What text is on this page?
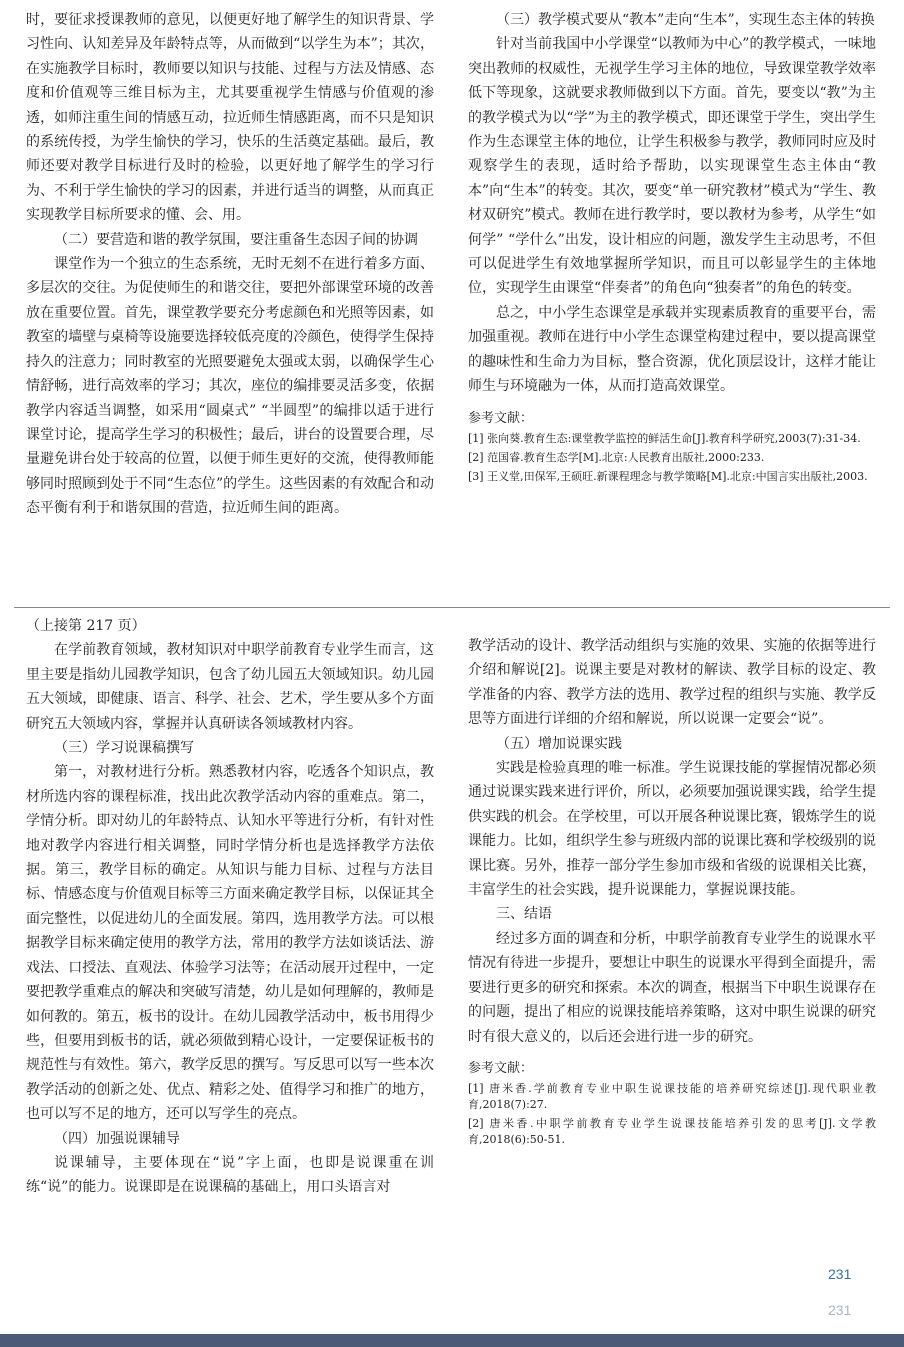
时，要征求授课教师的意见，以便更好地了解学生的知识背景、学习性向、认知差异及年龄特点等，从而做到“以学生为本”；其次，在实施教学目标时，教师要以知识与技能、过程与方法及情感、态度和价值观等三维目标为主，尤其要重视学生情感与价值观的渗透，如师注重生间的情感互动，拉近师生情感距离，而不只是知识的系统传授，为学生愉快的学习，快乐的生活奠定基础。最后，教师还要对教学目标进行及时的检验，以更好地了解学生的学习行为、不利于学生愉快的学习的因素，并进行适当的调整，从而真正实现教学目标所要求的懂、会、用。

（二）要营造和谐的教学氛围，要注重备生态因子间的协调

课堂作为一个独立的生态系统，无时无刻不在进行着多方面、多层次的交往。为促使师生的和谐交往，要把外部课堂环境的改善放在重要位置。首先，课堂教学要充分考虑颜色和光照等因素，如教室的墙壁与桌椅等设施要选择较低亮度的冷颜色，使得学生保持持久的注意力；同时教室的光照要避免太强或太弱，以确保学生心情舒畅，进行高效率的学习；其次，座位的编排要灵活多变，依据教学内容适当调整，如采用“圆桌式” “半圆型”的编排以适于进行课堂讨论，提高学生学习的积极性；最后，讲台的设置要合理，尽量避免讲台处于较高的位置，以便于师生更好的交流，使得教师能够同时照顾到处于不同“生态位”的学生。这些因素的有效配合和动态平衡有利于和谐氛围的营造，拉近师生间的距离。

（三）教学模式要从“教本”走向“生本”，实现生态主体的转换

针对当前我国中小学课堂“以教师为中心”的教学模式，一味地突出教师的权威性，无视学生学习主体的地位，导致课堂教学效率低下等现象，这就要求教师做到以下方面。首先，要变以“教”为主的教学模式为以“学”为主的教学模式，即还课堂于学生，突出学生作为生态课堂主体的地位，让学生积极参与教学，教师同时应及时观察学生的表现，适时给予帮助，以实现课堂生态主体由“教本”向“生本”的转变。其次，要变“单一研究教材”模式为“学生、教材双研究”模式。教师在进行教学时，要以教材为参考，从学生“如何学” “学什么”出发，设计相应的问题，激发学生主动思考，不但可以促进学生有效地掌握所学知识，而且可以彰显学生的主体地位，实现学生由课堂“伴奏者”的角色向“独奏者”的角色的转变。

总之，中小学生态课堂是承载并实现素质教育的重要平台，需加强重视。教师在进行中小学生态课堂构建过程中，要以提高课堂的趣味性和生命力为目标，整合资源，优化顶层设计，这样才能让师生与环境融为一体，从而打造高效课堂。

参考文献：

[1] 张向葵.教育生态:课堂教学监控的鲜活生命[J].教育科学研究,2003(7):31-34.

[2] 范国睿.教育生态学[M].北京:人民教育出版社,2000:233.

[3] 王义堂,田保军,王硕旺.新课程理念与教学策略[M].北京:中国言实出版社,2003.

（上接第 217 页）

在学前教育领域，教材知识对中职学前教育专业学生而言，这里主要是指幼儿园教学知识，包含了幼儿园五大领域知识。幼儿园五大领域，即健康、语言、科学、社会、艺术，学生要从多个方面研究五大领域内容，掌握并认真研读各领域教材内容。

（三）学习说课稿撰写

第一，对教材进行分析。熟悉教材内容，吃透各个知识点，教材所选内容的课程标准，找出此次教学活动内容的重难点。第二，学情分析。即对幼儿的年龄特点、认知水平等进行分析，有针对性地对教学内容进行相关调整，同时学情分析也是选择教学方法依据。第三，教学目标的确定。从知识与能力目标、过程与方法目标、情感态度与价值观目标等三方面来确定教学目标，以保证其全面完整性，以促进幼儿的全面发展。第四，选用教学方法。可以根据教学目标来确定使用的教学方法，常用的教学方法如谈话法、游戏法、口授法、直观法、体验学习法等；在活动展开过程中，一定要把教学重难点的解决和突破写清楚，幼儿是如何理解的，教师是如何教的。第五，板书的设计。在幼儿园教学活动中，板书用得少些，但要用到板书的话，就必须做到精心设计，一定要保证板书的规范性与有效性。第六，教学反思的撰写。写反思可以写一些本次教学活动的创新之处、优点、精彩之处、值得学习和推广的地方，也可以写不足的地方，还可以写学生的亮点。

（四）加强说课辅导

说课辅导，主要体现在“说”字上面，也即是说课重在训练“说”的能力。说课即是在说课稿的基础上，用口头语言对

教学活动的设计、教学活动组织与实施的效果、实施的依据等进行介绍和解说[2]。说课主要是对教材的解读、教学目标的设定、教学准备的内容、教学方法的选用、教学过程的组织与实施、教学反思等方面进行详细的介绍和解说，所以说课一定要会“说”。

（五）增加说课实践

实践是检验真理的唯一标准。学生说课技能的掌握情况都必须通过说课实践来进行评价，所以，必须要加强说课实践，给学生提供实践的机会。在学校里，可以开展各种说课比赛，锻炼学生的说课能力。比如，组织学生参与班级内部的说课比赛和学校级别的说课比赛。另外，推荐一部分学生参加市级和省级的说课相关比赛，丰富学生的社会实践，提升说课能力，掌握说课技能。

三、结语

经过多方面的调查和分析，中职学前教育专业学生的说课水平情况有待进一步提升，要想让中职生的说课水平得到全面提升，需要进行更多的研究和探索。本次的调查，根据当下中职生说课存在的问题，提出了相应的说课技能培养策略，这对中职生说课的研究时有很大意义的，以后还会进行进一步的研究。

参考文献：

[1] 唐米香.学前教育专业中职生说课技能的培养研究综述[J].现代职业教育,2018(7):27.

[2] 唐米香.中职学前教育专业学生说课技能培养引发的思考[J].文学教育,2018(6):50-51.

231
231
